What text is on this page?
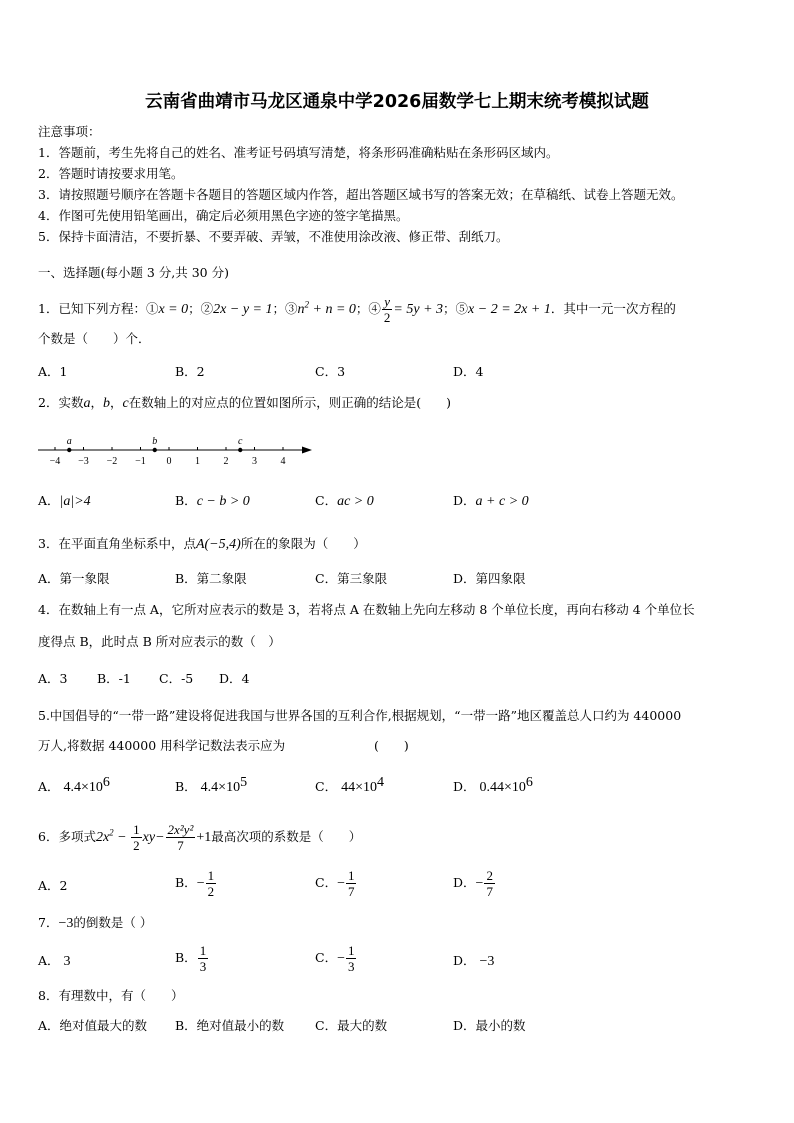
云南省曲靖市马龙区通泉中学2026届数学七上期末统考模拟试题
注意事项：
1．答题前，考生先将自己的姓名、准考证号码填写清楚，将条形码准确粘贴在条形码区域内。
2．答题时请按要求用笔。
3．请按照题号顺序在答题卡各题目的答题区域内作答，超出答题区域书写的答案无效；在草稿纸、试卷上答题无效。
4．作图可先使用铅笔画出，确定后必须用黑色字迹的签字笔描黑。
5．保持卡面清洁，不要折暴、不要弄破、弄皱，不准使用涂改液、修正带、刮纸刀。
一、选择题(每小题 3 分,共 30 分)
1．已知下列方程：①x = 0；②2x − y = 1；$③n^2 + n = 0$；④ $\frac{y}{2} = 5y + 3$；⑤x − 2 = 2x + 1．其中一元一次方程的
个数是（　　）个．
A．1	B．2	C．3	D．4
2．实数a，b，c在数轴上的对应点的位置如图所示，则正确的结论是(　　)
−4 −3 −2 −1 0 1 2 3 4
a	b	c
A．|a|>4	B．c − b > 0	C．ac > 0	D．a + c > 0
3．在平面直角坐标系中，点A(−5,4)所在的象限为（　　）
A．第一象限	B．第二象限	C．第三象限	D．第四象限
4．在数轴上有一点 A，它所对应表示的数是 3，若将点 A 在数轴上先向左移动 8 个单位长度，再向右移动 4 个单位长
度得点 B，此时点 B 所对应表示的数（　）
A．3 B．-1 C．-5 D．4
5.中国倡导的“一带一路”建设将促进我国与世界各国的互利合作,根据规划，“一带一路”地区覆盖总人口约为 440000
万人,将数据 440000 用科学记数法表示应为	(　　)
A． $4.4\times 10^6$	B． $4.4\times 10^5$	C． $44\times 10^4$	D． $0.44\times 10^6$
6．多项式$2x^2 - \frac{1}{2} xy- \frac{\text{2x²y²}}{7} +1$最高次项的系数是（　　）
A．2	B．− $\frac{1}{2}$	C．− $\frac{1}{7}$	D．− $\frac{2}{7}$
7．−3的倒数是（ ）
A． 3	B． $\frac{1}{3}$	C．− $\frac{1}{3}$	D． −3
8．有理数中，有（　　）
A．绝对值最大的数 B．绝对值最小的数 C．最大的数	D．最小的数
